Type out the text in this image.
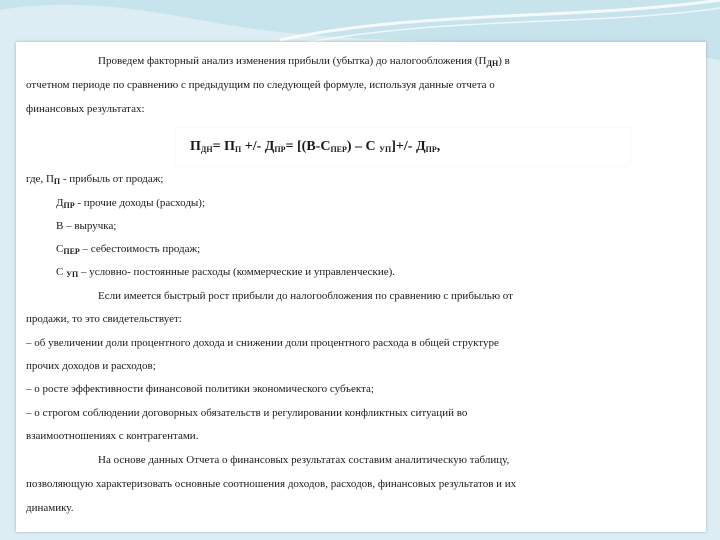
Проведем факторный анализ изменения прибыли (убытка) до налогообложения $(П_{ДН})$ в
отчетном периоде по сравнению с предыдущим по следующей формуле, используя данные отчета о
финансовых результатах:
$П_{ДН}= П_П$ +/- $Д_{ПР}= [(В-С_{ПЕР}) - С$ $_{УП}$]+/- $Д_{ПР}$,
где, $П_П$ - прибыль от продаж;
$Д_{ПР}$ - прочие доходы (расходы);
В – выручка;
$С_{ПЕР}$ – себестоимость продаж;
С $_{УП}$ – условно- постоянные расходы (коммерческие и управленческие).
Если имеется быстрый рост прибыли до налогообложения по сравнению с прибылью от
продажи, то это свидетельствует:
– об увеличении доли процентного дохода и снижении доли процентного расхода в общей структуре
прочих доходов и расходов;
– о росте эффективности финансовой политики экономического субъекта;
– о строгом соблюдении договорных обязательств и регулировании конфликтных ситуаций во
взаимоотношениях с контрагентами.
На основе данных Отчета о финансовых результатах составим аналитическую таблицу,
позволяющую характеризовать основные соотношения доходов, расходов, финансовых результатов и их
динамику.
